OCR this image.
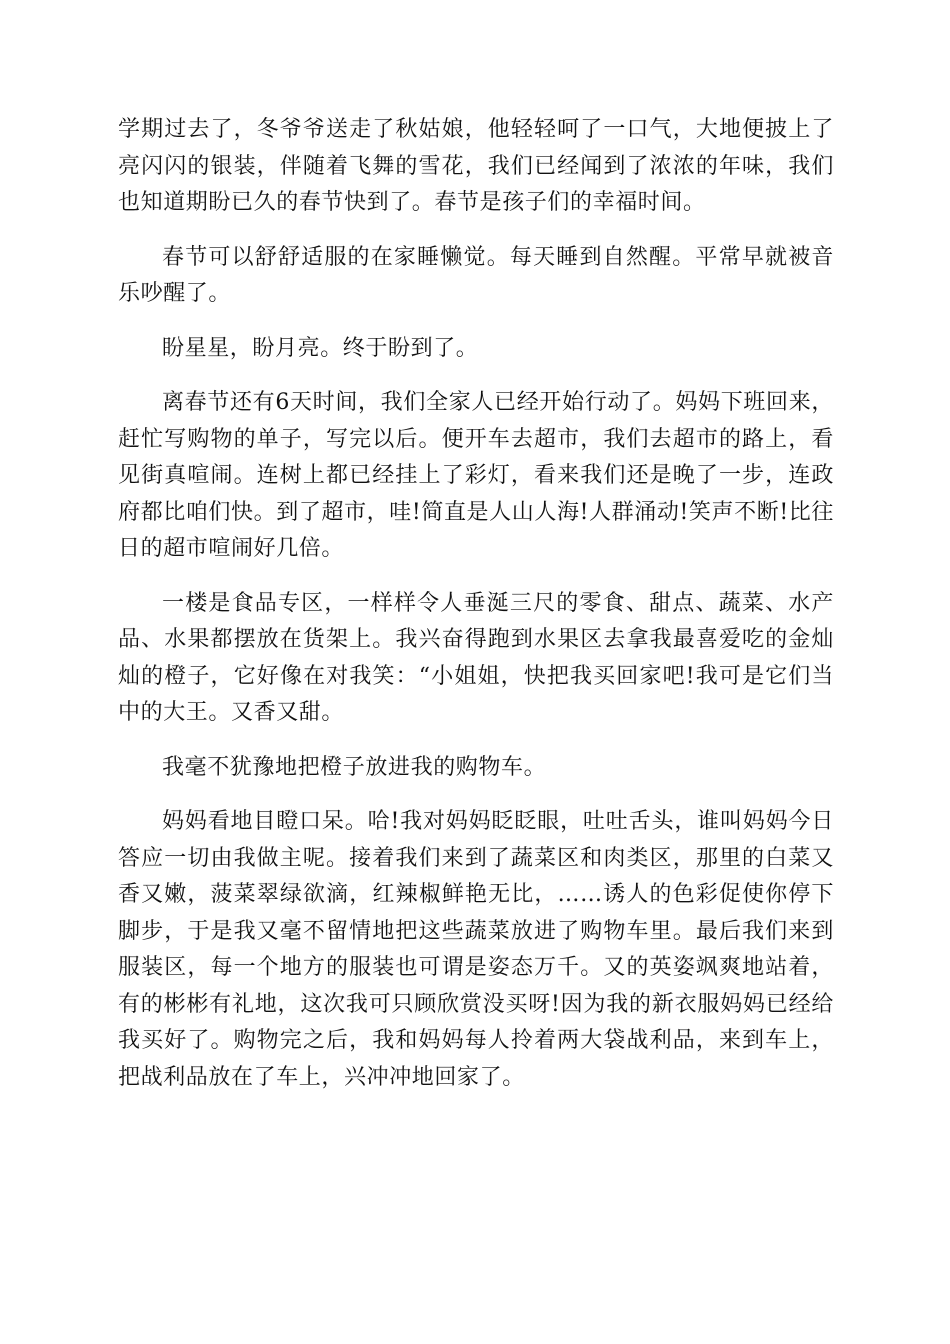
学期过去了，冬爷爷送走了秋姑娘，他轻轻呵了一口气，大地便披上了亮闪闪的银装，伴随着飞舞的雪花，我们已经闻到了浓浓的年味，我们也知道期盼已久的春节快到了。春节是孩子们的幸福时间。

春节可以舒舒适服的在家睡懒觉。每天睡到自然醒。平常早就被音乐吵醒了。

盼星星，盼月亮。终于盼到了。

离春节还有6天时间，我们全家人已经开始行动了。妈妈下班回来，赶忙写购物的单子，写完以后。便开车去超市，我们去超市的路上，看见街真喧闹。连树上都已经挂上了彩灯，看来我们还是晚了一步，连政府都比咱们快。到了超市，哇!简直是人山人海!人群涌动!笑声不断!比往日的超市喧闹好几倍。

一楼是食品专区，一样样令人垂涎三尺的零食、甜点、蔬菜、水产品、水果都摆放在货架上。我兴奋得跑到水果区去拿我最喜爱吃的金灿灿的橙子，它好像在对我笑：“小姐姐，快把我买回家吧!我可是它们当中的大王。又香又甜。

我毫不犹豫地把橙子放进我的购物车。

妈妈看地目瞪口呆。哈!我对妈妈眨眨眼，吐吐舌头，谁叫妈妈今日答应一切由我做主呢。接着我们来到了蔬菜区和肉类区，那里的白菜又香又嫩，菠菜翠绿欲滴，红辣椒鲜艳无比，……诱人的色彩促使你停下脚步，于是我又毫不留情地把这些蔬菜放进了购物车里。最后我们来到服装区，每一个地方的服装也可谓是姿态万千。又的英姿飒爽地站着，有的彬彬有礼地，这次我可只顾欣赏没买呀!因为我的新衣服妈妈已经给我买好了。购物完之后，我和妈妈每人拎着两大袋战利品，来到车上，把战利品放在了车上，兴冲冲地回家了。
